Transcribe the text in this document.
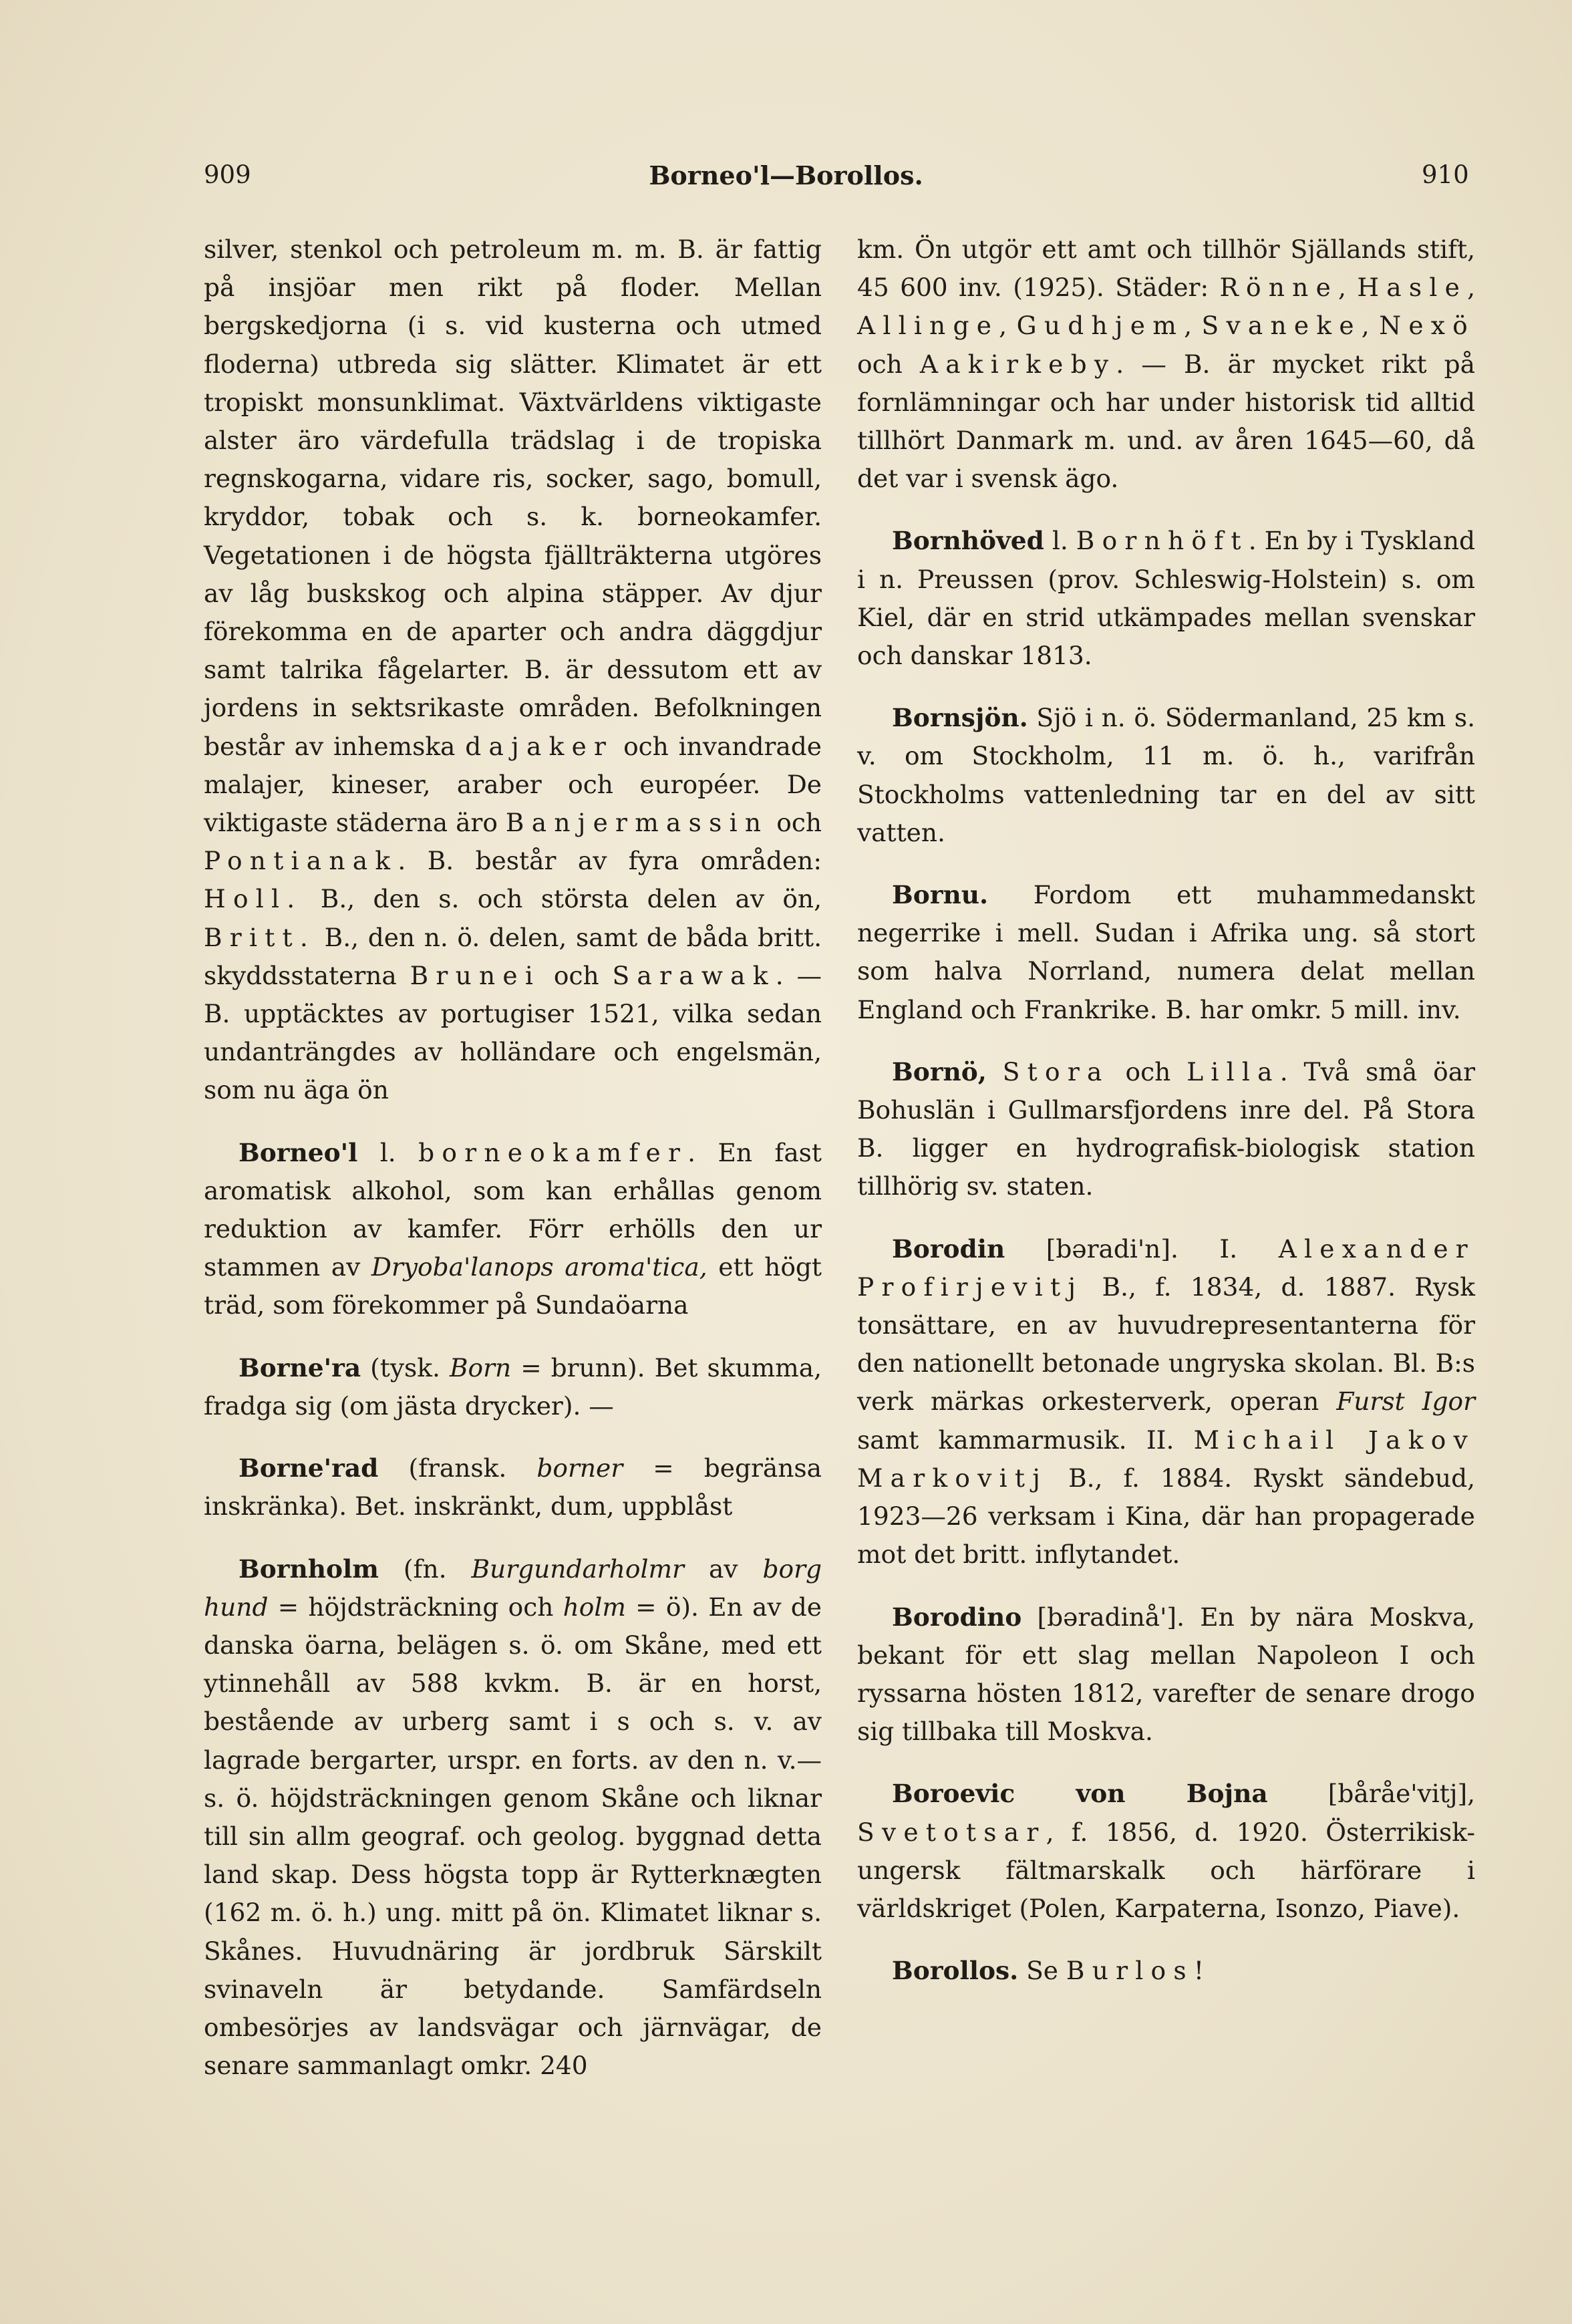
909	Borneo'l—Borollos.	910

silver, stenkol och petroleum m. m. B. är fattig på insjöar men rikt på floder. Mellan bergskedjorna (i s. vid kusterna och utmed floderna) utbreda sig slätter. Klimatet är ett tropiskt monsunklimat. Växtvärldens viktigaste alster äro värdefulla trädslag i de tropiska regnskogarna, vidare ris, socker, sago, bomull, kryddor, tobak och s. k. borneokamfer. Vegetationen i de högsta fjällträkterna utgöres av låg buskskog och alpina stäpper. Av djur förekomma en de aparter och andra däggdjur samt talrika fågelarter. B. är dessutom ett av jordens in sektsrikaste områden. Befolkningen består av inhemska dajaker och invandrade malajer, kineser, araber och européer. De viktigaste städerna äro Banjermassin och Pontianak. B. består av fyra områden: Holl. B., den s. och största delen av ön, Britt. B., den n. ö. delen, samt de båda britt. skyddsstaterna Brunei och Sarawak. — B. upptäcktes av portugiser 1521, vilka sedan undanträngdes av holländare och engelsmän, som nu äga ön

Borneo'l l. borneokamfer. En fast aromatisk alkohol, som kan erhållas genom reduktion av kamfer. Förr erhölls den ur stammen av Dryoba'lanops aroma'tica, ett högt träd, som förekommer på Sundaöarna

Borne'ra (tysk. Born = brunn). Bet skumma, fradga sig (om jästa drycker). —

Borne'rad (fransk. borner = begränsa inskränka). Bet. inskränkt, dum, uppblåst

Bornholm (fn. Burgundarholmr av borg hund = höjdsträckning och holm = ö). En av de danska öarna, belägen s. ö. om Skåne, med ett ytinnehåll av 588 kvkm. B. är en horst, bestående av urberg samt i s och s. v. av lagrade bergarter, urspr. en forts. av den n. v.—s. ö. höjdsträckningen genom Skåne och liknar till sin allm geograf. och geolog. byggnad detta land skap. Dess högsta topp är Rytterknægten (162 m. ö. h.) ung. mitt på ön. Klimatet liknar s. Skånes. Huvudnäring är jordbruk Särskilt svinaveln är betydande. Samfärdseln ombesörjes av landsvägar och järnvägar, de senare sammanlagt omkr. 240

km. Ön utgör ett amt och tillhör Själlands stift, 45 600 inv. (1925). Städer: Rönne, Hasle, Allinge, Gudhjem, Svaneke, Nexö och Aakirkeby. — B. är mycket rikt på fornlämningar och har under historisk tid alltid tillhört Danmark m. und. av åren 1645—60, då det var i svensk ägo.

Bornhöved l. Bornhöft. En by i Tyskland i n. Preussen (prov. Schleswig-Holstein) s. om Kiel, där en strid utkämpades mellan svenskar och danskar 1813.

Bornsjön. Sjö i n. ö. Södermanland, 25 km s. v. om Stockholm, 11 m. ö. h., varifrån Stockholms vattenledning tar en del av sitt vatten.

Bornu. Fordom ett muhammedanskt negerrike i mell. Sudan i Afrika ung. så stort som halva Norrland, numera delat mellan England och Frankrike. B. har omkr. 5 mill. inv.

Bornö, Stora och Lilla. Två små öar Bohuslän i Gullmarsfjordens inre del. På Stora B. ligger en hydrografisk-biologisk station tillhörig sv. staten.

Borodin [bəradi'n]. I. Alexander Profirjevitj B., f. 1834, d. 1887. Rysk tonsättare, en av huvudrepresentanterna för den nationellt betonade ungryska skolan. Bl. B:s verk märkas orkesterverk, operan Furst Igor samt kammarmusik. II. Michail Jakov Markovitj B., f. 1884. Ryskt sändebud, 1923—26 verksam i Kina, där han propagerade mot det britt. inflytandet.

Borodino [bəradinå']. En by nära Moskva, bekant för ett slag mellan Napoleon I och ryssarna hösten 1812, varefter de senare drogo sig tillbaka till Moskva.

Boroevic von Bojna [båråe'vitj], Svetotsar, f. 1856, d. 1920. Österrikisk-ungersk fältmarskalk och härförare i världskriget (Polen, Karpaterna, Isonzo, Piave).

Borollos. Se Burlos!
